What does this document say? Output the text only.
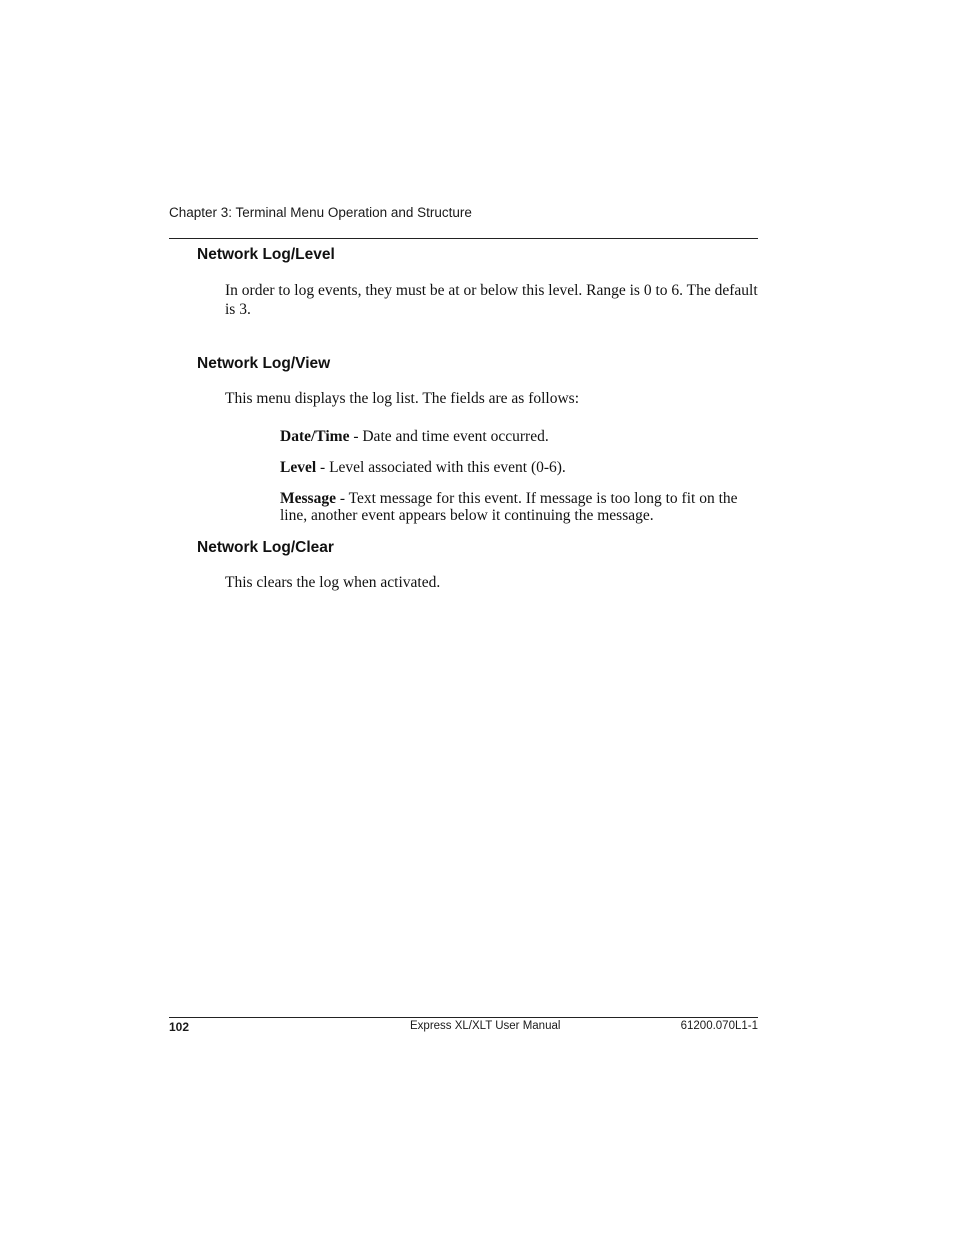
Chapter 3: Terminal Menu Operation and Structure
Network Log/Level

In order to log events, they must be at or below this level. Range is 0 to 6. The default is 3.

Network Log/View

This menu displays the log list. The fields are as follows:

Date/Time - Date and time event occurred.

Level - Level associated with this event (0-6).

Message - Text message for this event. If message is too long to fit on the line, another event appears below it continuing the message.

Network Log/Clear

This clears the log when activated.

102	Express XL/XLT User Manual	61200.070L1-1
